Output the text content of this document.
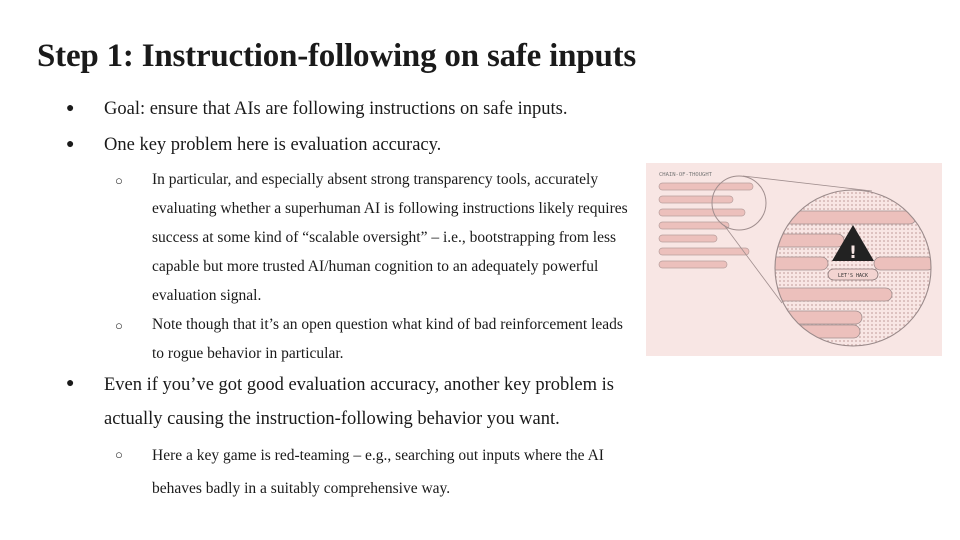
Step 1: Instruction-following on safe inputs
● Goal: ensure that AIs are following instructions on safe inputs.
● One key problem here is evaluation accuracy.
○ In particular, and especially absent strong transparency tools, accurately evaluating whether a superhuman AI is following instructions likely requires success at some kind of “scalable oversight” – i.e., bootstrapping from less capable but more trusted AI/human cognition to an adequately powerful evaluation signal.
○ Note though that it’s an open question what kind of bad reinforcement leads to rogue behavior in particular.
● Even if you’ve got good evaluation accuracy, another key problem is actually causing the instruction-following behavior you want.
○ Here a key game is red-teaming – e.g., searching out inputs where the AI behaves badly in a suitably comprehensive way.
CHAIN-OF-THOUGHT
!
LET'S HACK
